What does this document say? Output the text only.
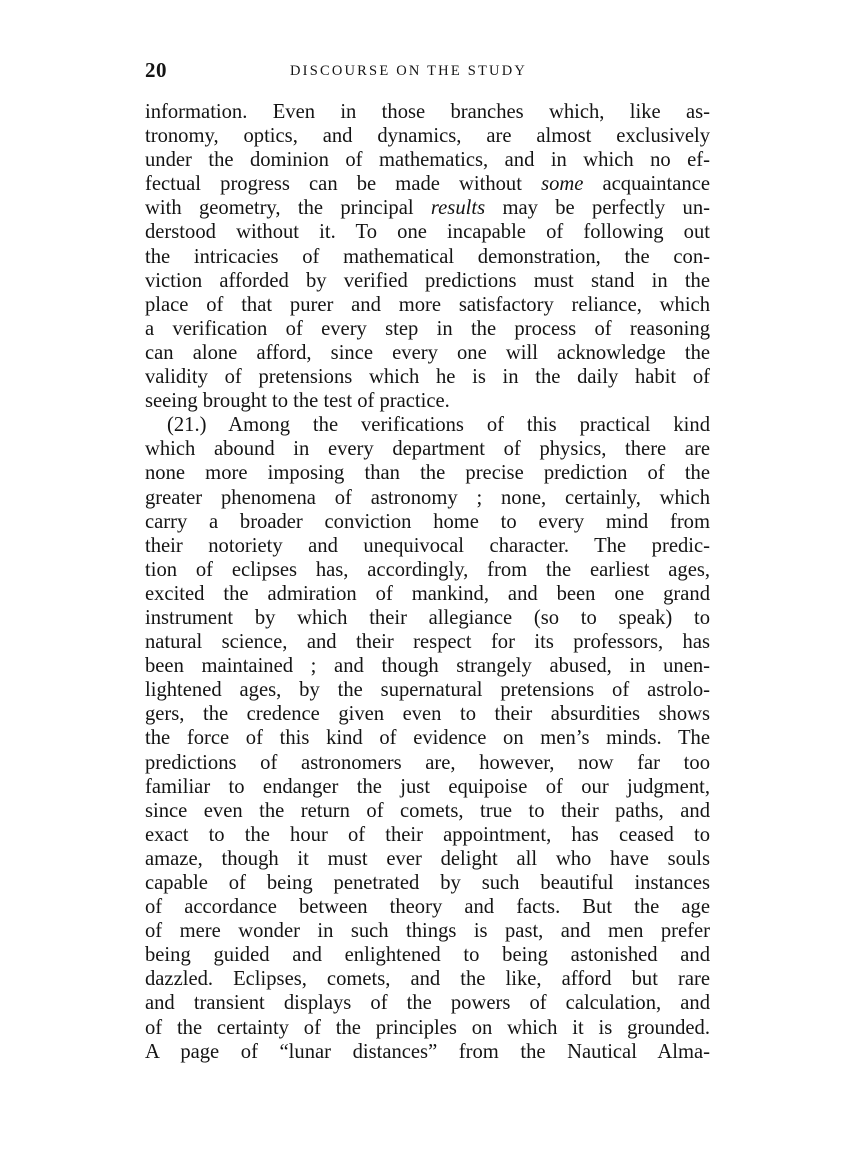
20	DISCOURSE ON THE STUDY
information. Even in those branches which, like as-
tronomy, optics, and dynamics, are almost exclusively
under the dominion of mathematics, and in which no ef-
fectual progress can be made without some acquaintance
with geometry, the principal results may be perfectly un-
derstood without it. To one incapable of following out
the intricacies of mathematical demonstration, the con-
viction afforded by verified predictions must stand in the
place of that purer and more satisfactory reliance, which
a verification of every step in the process of reasoning
can alone afford, since every one will acknowledge the
validity of pretensions which he is in the daily habit of
seeing brought to the test of practice.
(21.) Among the verifications of this practical kind
which abound in every department of physics, there are
none more imposing than the precise prediction of the
greater phenomena of astronomy ; none, certainly, which
carry a broader conviction home to every mind from
their notoriety and unequivocal character. The predic-
tion of eclipses has, accordingly, from the earliest ages,
excited the admiration of mankind, and been one grand
instrument by which their allegiance (so to speak) to
natural science, and their respect for its professors, has
been maintained ; and though strangely abused, in unen-
lightened ages, by the supernatural pretensions of astrolo-
gers, the credence given even to their absurdities shows
the force of this kind of evidence on men’s minds. The
predictions of astronomers are, however, now far too
familiar to endanger the just equipoise of our judgment,
since even the return of comets, true to their paths, and
exact to the hour of their appointment, has ceased to
amaze, though it must ever delight all who have souls
capable of being penetrated by such beautiful instances
of accordance between theory and facts. But the age
of mere wonder in such things is past, and men prefer
being guided and enlightened to being astonished and
dazzled. Eclipses, comets, and the like, afford but rare
and transient displays of the powers of calculation, and
of the certainty of the principles on which it is grounded.
A page of “lunar distances” from the Nautical Alma-
